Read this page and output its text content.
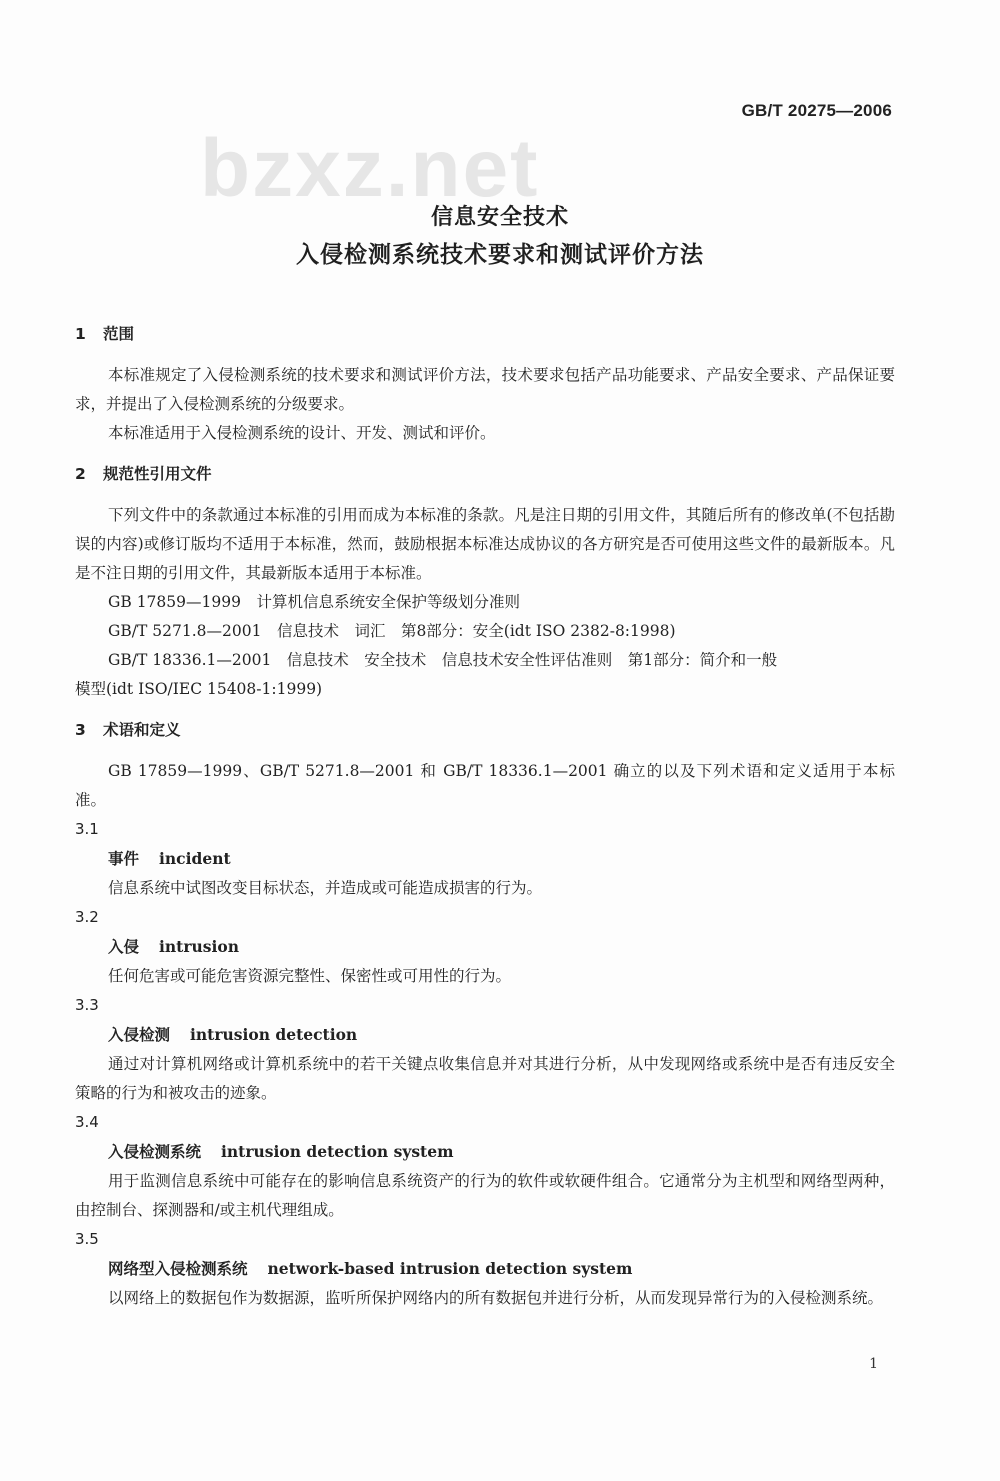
GB/T 20275—2006
bzxz.net
信息安全技术
入侵检测系统技术要求和测试评价方法
1 范围

本标准规定了入侵检测系统的技术要求和测试评价方法，技术要求包括产品功能要求、产品安全要求、产品保证要求，并提出了入侵检测系统的分级要求。

本标准适用于入侵检测系统的设计、开发、测试和评价。

2 规范性引用文件

下列文件中的条款通过本标准的引用而成为本标准的条款。凡是注日期的引用文件，其随后所有的修改单(不包括勘误的内容)或修订版均不适用于本标准，然而，鼓励根据本标准达成协议的各方研究是否可使用这些文件的最新版本。凡是不注日期的引用文件，其最新版本适用于本标准。

GB 17859—1999　计算机信息系统安全保护等级划分准则

GB/T 5271.8—2001　信息技术　词汇　第8部分：安全(idt ISO 2382-8:1998)

GB/T 18336.1—2001　信息技术　安全技术　信息技术安全性评估准则　第1部分：简介和一般

模型(idt ISO/IEC 15408-1:1999)

3 术语和定义

GB 17859—1999、GB/T 5271.8—2001 和 GB/T 18336.1—2001 确立的以及下列术语和定义适用于本标准。

3.1

事件 incident

信息系统中试图改变目标状态，并造成或可能造成损害的行为。

3.2

入侵 intrusion

任何危害或可能危害资源完整性、保密性或可用性的行为。

3.3

入侵检测 intrusion detection

通过对计算机网络或计算机系统中的若干关键点收集信息并对其进行分析，从中发现网络或系统中是否有违反安全策略的行为和被攻击的迹象。

3.4

入侵检测系统 intrusion detection system

用于监测信息系统中可能存在的影响信息系统资产的行为的软件或软硬件组合。它通常分为主机型和网络型两种，由控制台、探测器和/或主机代理组成。

3.5

网络型入侵检测系统 network-based intrusion detection system

以网络上的数据包作为数据源，监听所保护网络内的所有数据包并进行分析，从而发现异常行为的入侵检测系统。

1
